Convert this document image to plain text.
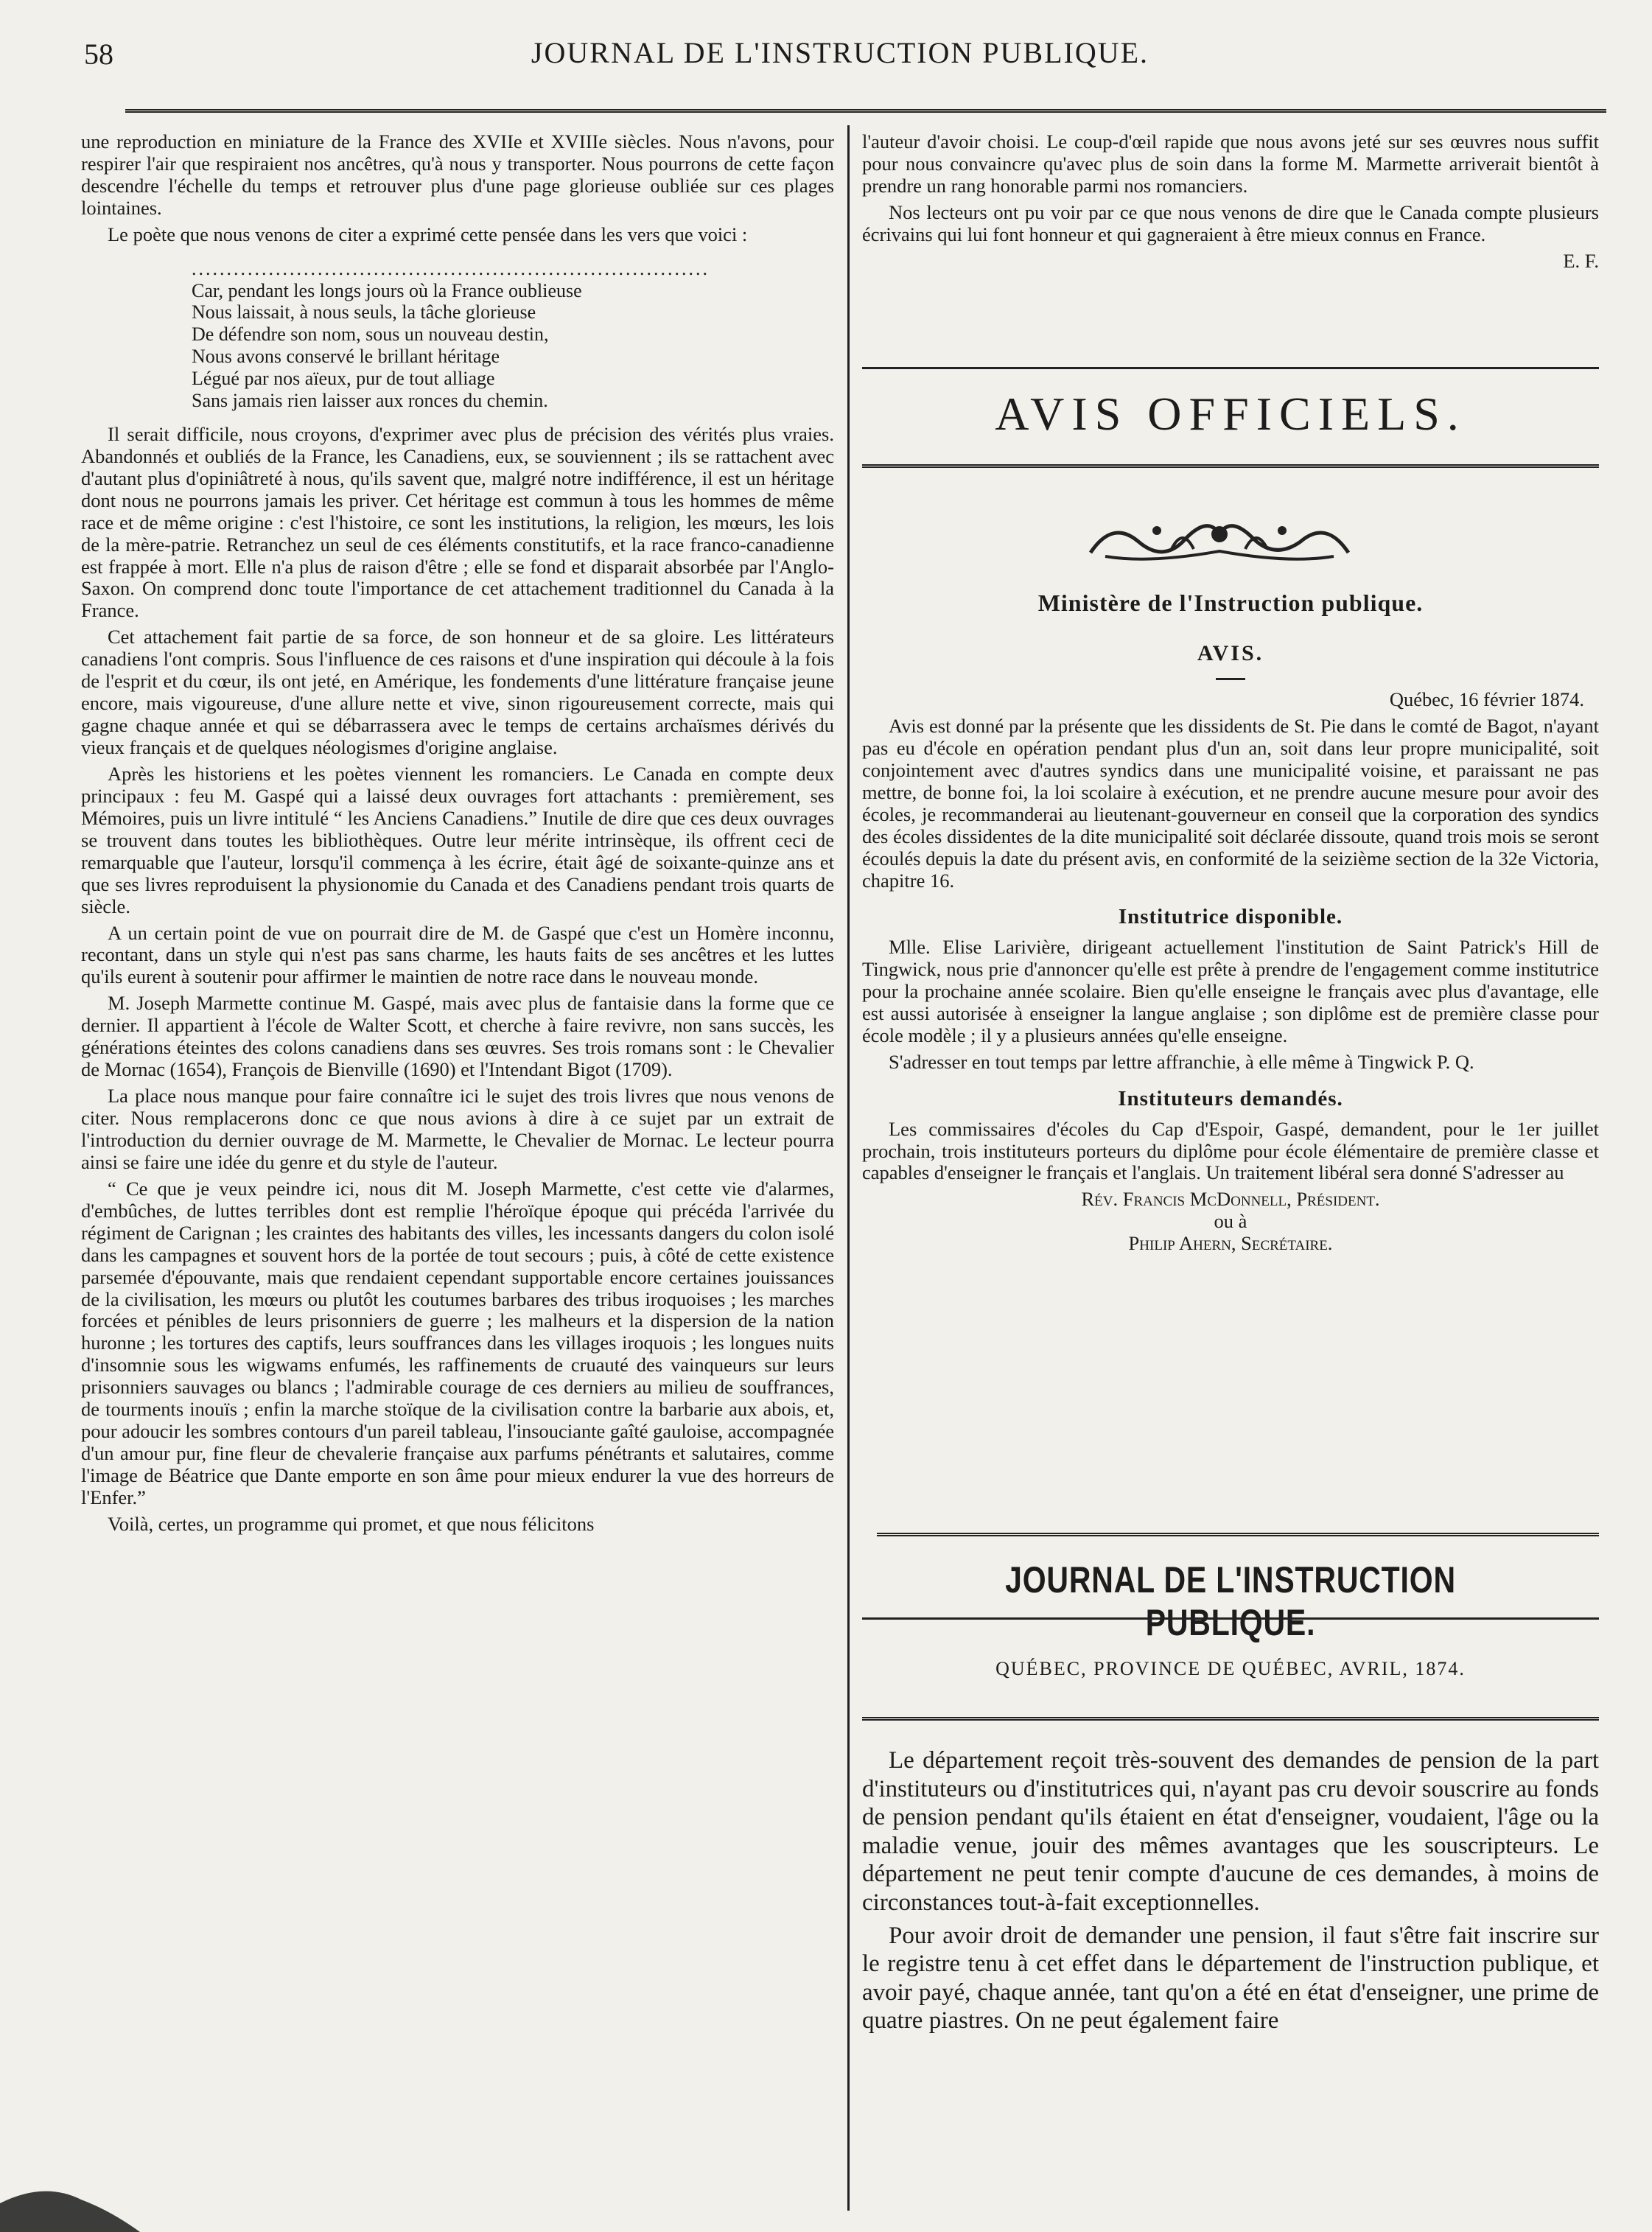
58	JOURNAL DE L'INSTRUCTION PUBLIQUE.

une reproduction en miniature de la France des XVIIe et XVIIIe siècles. Nous n'avons, pour respirer l'air que respiraient nos ancêtres, qu'à nous y transporter. Nous pourrons de cette façon descendre l'échelle du temps et retrouver plus d'une page glorieuse oubliée sur ces plages lointaines.

Le poète que nous venons de citer a exprimé cette pensée dans les vers que voici :

..........................................................................
Car, pendant les longs jours où la France oublieuse
Nous laissait, à nous seuls, la tâche glorieuse
De défendre son nom, sous un nouveau destin,
Nous avons conservé le brillant héritage
Légué par nos aïeux, pur de tout alliage
Sans jamais rien laisser aux ronces du chemin.

Il serait difficile, nous croyons, d'exprimer avec plus de précision des vérités plus vraies. Abandonnés et oubliés de la France, les Canadiens, eux, se souviennent ; ils se rattachent avec d'autant plus d'opiniâtreté à nous, qu'ils savent que, malgré notre indifférence, il est un héritage dont nous ne pourrons jamais les priver. Cet héritage est commun à tous les hommes de même race et de même origine : c'est l'histoire, ce sont les institutions, la religion, les mœurs, les lois de la mère-patrie. Retranchez un seul de ces éléments constitutifs, et la race franco-canadienne est frappée à mort. Elle n'a plus de raison d'être ; elle se fond et disparait absorbée par l'Anglo-Saxon. On comprend donc toute l'importance de cet attachement traditionnel du Canada à la France.

Cet attachement fait partie de sa force, de son honneur et de sa gloire. Les littérateurs canadiens l'ont compris. Sous l'influence de ces raisons et d'une inspiration qui découle à la fois de l'esprit et du cœur, ils ont jeté, en Amérique, les fondements d'une littérature française jeune encore, mais vigoureuse, d'une allure nette et vive, sinon rigoureusement correcte, mais qui gagne chaque année et qui se débarrassera avec le temps de certains archaïsmes dérivés du vieux français et de quelques néologismes d'origine anglaise.

Après les historiens et les poètes viennent les romanciers. Le Canada en compte deux principaux : feu M. Gaspé qui a laissé deux ouvrages fort attachants : premièrement, ses Mémoires, puis un livre intitulé “ les Anciens Canadiens.” Inutile de dire que ces deux ouvrages se trouvent dans toutes les bibliothèques. Outre leur mérite intrinsèque, ils offrent ceci de remarquable que l'auteur, lorsqu'il commença à les écrire, était âgé de soixante-quinze ans et que ses livres reproduisent la physionomie du Canada et des Canadiens pendant trois quarts de siècle.

A un certain point de vue on pourrait dire de M. de Gaspé que c'est un Homère inconnu, recontant, dans un style qui n'est pas sans charme, les hauts faits de ses ancêtres et les luttes qu'ils eurent à soutenir pour affirmer le maintien de notre race dans le nouveau monde.

M. Joseph Marmette continue M. Gaspé, mais avec plus de fantaisie dans la forme que ce dernier. Il appartient à l'école de Walter Scott, et cherche à faire revivre, non sans succès, les générations éteintes des colons canadiens dans ses œuvres. Ses trois romans sont : le Chevalier de Mornac (1654), François de Bienville (1690) et l'Intendant Bigot (1709).

La place nous manque pour faire connaître ici le sujet des trois livres que nous venons de citer. Nous remplacerons donc ce que nous avions à dire à ce sujet par un extrait de l'introduction du dernier ouvrage de M. Marmette, le Chevalier de Mornac. Le lecteur pourra ainsi se faire une idée du genre et du style de l'auteur.

“ Ce que je veux peindre ici, nous dit M. Joseph Marmette, c'est cette vie d'alarmes, d'embûches, de luttes terribles dont est remplie l'héroïque époque qui précéda l'arrivée du régiment de Carignan ; les craintes des habitants des villes, les incessants dangers du colon isolé dans les campagnes et souvent hors de la portée de tout secours ; puis, à côté de cette existence parsemée d'épouvante, mais que rendaient cependant supportable encore certaines jouissances de la civilisation, les mœurs ou plutôt les coutumes barbares des tribus iroquoises ; les marches forcées et pénibles de leurs prisonniers de guerre ; les malheurs et la dispersion de la nation huronne ; les tortures des captifs, leurs souffrances dans les villages iroquois ; les longues nuits d'insomnie sous les wigwams enfumés, les raffinements de cruauté des vainqueurs sur leurs prisonniers sauvages ou blancs ; l'admirable courage de ces derniers au milieu de souffrances, de tourments inouïs ; enfin la marche stoïque de la civilisation contre la barbarie aux abois, et, pour adoucir les sombres contours d'un pareil tableau, l'insouciante gaîté gauloise, accompagnée d'un amour pur, fine fleur de chevalerie française aux parfums pénétrants et salutaires, comme l'image de Béatrice que Dante emporte en son âme pour mieux endurer la vue des horreurs de l'Enfer.”

Voilà, certes, un programme qui promet, et que nous félicitons

l'auteur d'avoir choisi. Le coup-d'œil rapide que nous avons jeté sur ses œuvres nous suffit pour nous convaincre qu'avec plus de soin dans la forme M. Marmette arriverait bientôt à prendre un rang honorable parmi nos romanciers.

Nos lecteurs ont pu voir par ce que nous venons de dire que le Canada compte plusieurs écrivains qui lui font honneur et qui gagneraient à être mieux connus en France.

E. F.

AVIS OFFICIELS.
Ministère de l'Instruction publique.
AVIS.

Québec, 16 février 1874.

Avis est donné par la présente que les dissidents de St. Pie dans le comté de Bagot, n'ayant pas eu d'école en opération pendant plus d'un an, soit dans leur propre municipalité, soit conjointement avec d'autres syndics dans une municipalité voisine, et paraissant ne pas mettre, de bonne foi, la loi scolaire à exécution, et ne prendre aucune mesure pour avoir des écoles, je recommanderai au lieutenant-gouverneur en conseil que la corporation des syndics des écoles dissidentes de la dite municipalité soit déclarée dissoute, quand trois mois se seront écoulés depuis la date du présent avis, en conformité de la seizième section de la 32e Victoria, chapitre 16.

Institutrice disponible.

Mlle. Elise Larivière, dirigeant actuellement l'institution de Saint Patrick's Hill de Tingwick, nous prie d'annoncer qu'elle est prête à prendre de l'engagement comme institutrice pour la prochaine année scolaire. Bien qu'elle enseigne le français avec plus d'avantage, elle est aussi autorisée à enseigner la langue anglaise ; son diplôme est de première classe pour école modèle ; il y a plusieurs années qu'elle enseigne.

S'adresser en tout temps par lettre affranchie, à elle même à Tingwick P. Q.

Instituteurs demandés.

Les commissaires d'écoles du Cap d'Espoir, Gaspé, demandent, pour le 1er juillet prochain, trois instituteurs porteurs du diplôme pour école élémentaire de première classe et capables d'enseigner le français et l'anglais. Un traitement libéral sera donné S'adresser au

Rév. Francis McDonnell, Président.

ou à

Philip Ahern, Secrétaire.

JOURNAL DE L'INSTRUCTION PUBLIQUE.
QUÉBEC, PROVINCE DE QUÉBEC, AVRIL, 1874.

Le département reçoit très-souvent des demandes de pension de la part d'instituteurs ou d'institutrices qui, n'ayant pas cru devoir souscrire au fonds de pension pendant qu'ils étaient en état d'enseigner, voudaient, l'âge ou la maladie venue, jouir des mêmes avantages que les souscripteurs. Le département ne peut tenir compte d'aucune de ces demandes, à moins de circonstances tout-à-fait exceptionnelles.

Pour avoir droit de demander une pension, il faut s'être fait inscrire sur le registre tenu à cet effet dans le département de l'instruction publique, et avoir payé, chaque année, tant qu'on a été en état d'enseigner, une prime de quatre piastres. On ne peut également faire
